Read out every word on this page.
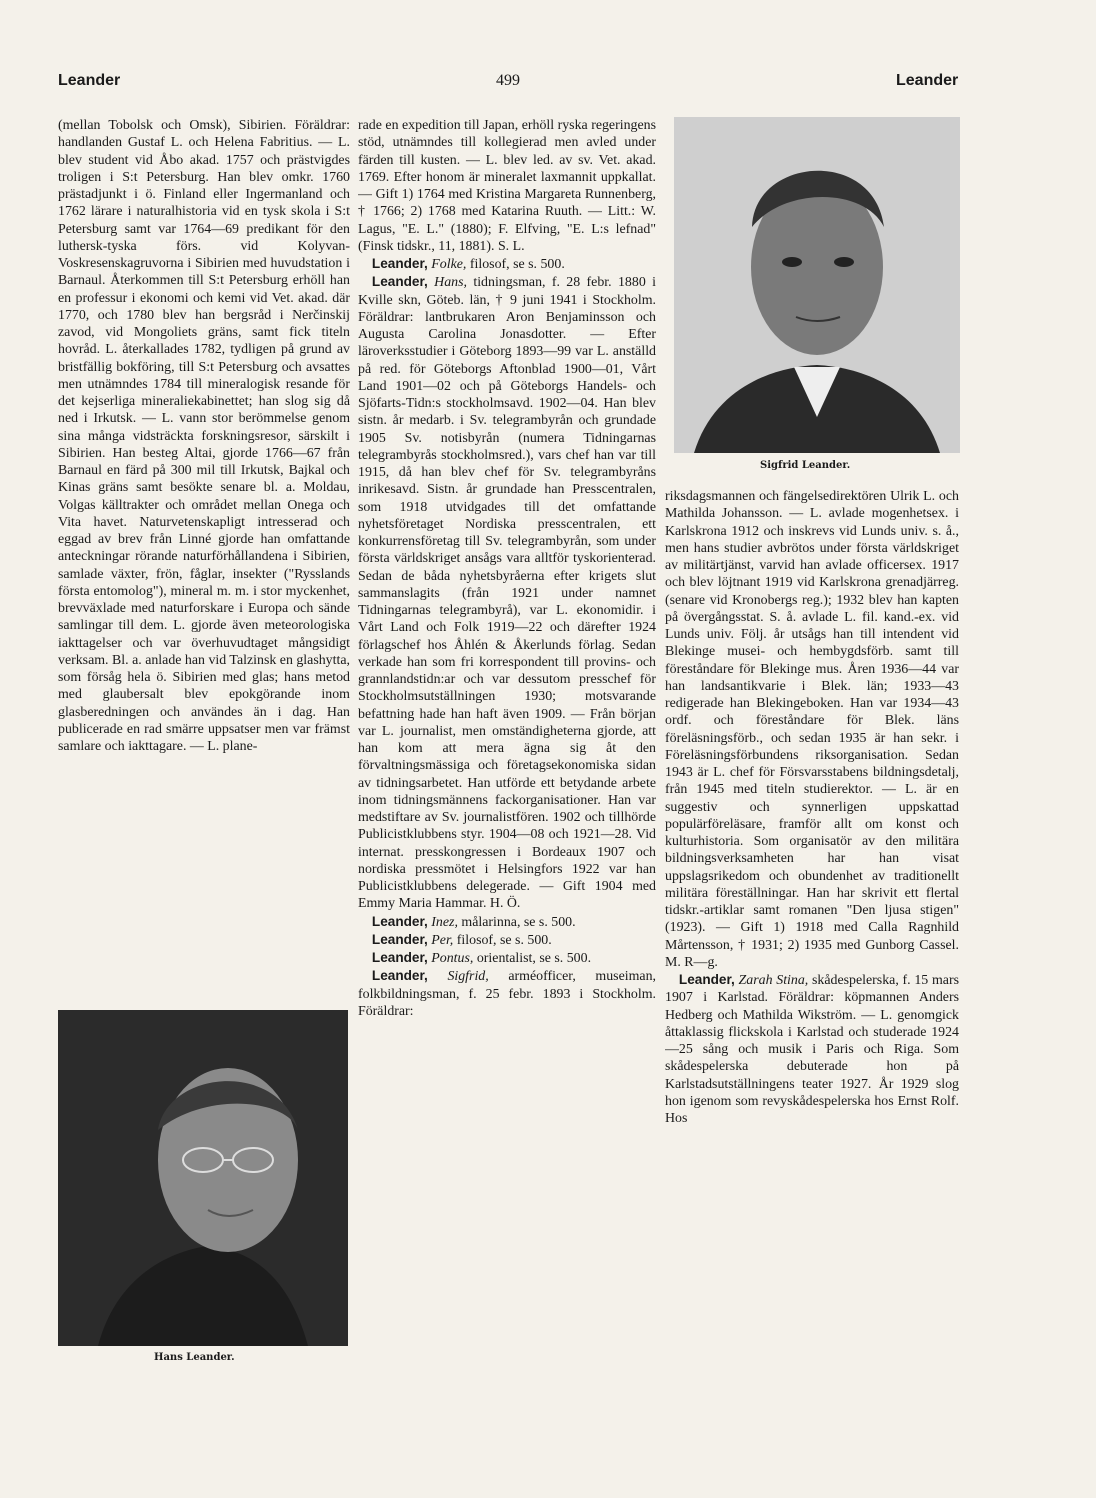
Leander	499	Leander

(mellan Tobolsk och Omsk), Sibirien. Föräldrar: handlanden Gustaf L. och Helena Fabritius. — L. blev student vid Åbo akad. 1757 och prästvigdes troligen i S:t Petersburg. Han blev omkr. 1760 prästadjunkt i ö. Finland eller Ingermanland och 1762 lärare i naturalhistoria vid en tysk skola i S:t Petersburg samt var 1764—69 predikant för den luthersk-tyska förs. vid Kolyvan-Voskresenskagruvorna i Sibirien med huvudstation i Barnaul. Återkommen till S:t Petersburg erhöll han en professur i ekonomi och kemi vid Vet. akad. där 1770, och 1780 blev han bergsråd i Nerčinskij zavod, vid Mongoliets gräns, samt fick titeln hovråd. L. återkallades 1782, tydligen på grund av bristfällig bokföring, till S:t Petersburg och avsattes men utnämndes 1784 till mineralogisk resande för det kejserliga mineraliekabinettet; han slog sig då ned i Irkutsk. — L. vann stor berömmelse genom sina många vidsträckta forskningsresor, särskilt i Sibirien. Han besteg Altai, gjorde 1766—67 från Barnaul en färd på 300 mil till Irkutsk, Bajkal och Kinas gräns samt besökte senare bl. a. Moldau, Volgas källtrakter och området mellan Onega och Vita havet. Naturvetenskapligt intresserad och eggad av brev från Linné gjorde han omfattande anteckningar rörande naturförhållandena i Sibirien, samlade växter, frön, fåglar, insekter ("Rysslands första entomolog"), mineral m. m. i stor myckenhet, brevväxlade med naturforskare i Europa och sände samlingar till dem. L. gjorde även meteorologiska iakttagelser och var överhuvudtaget mångsidigt verksam. Bl. a. anlade han vid Talzinsk en glashytta, som försåg hela ö. Sibirien med glas; hans metod med glaubersalt blev epokgörande inom glasberedningen och användes än i dag. Han publicerade en rad smärre uppsatser men var främst samlare och iakttagare. — L. plane-

Hans Leander.

rade en expedition till Japan, erhöll ryska regeringens stöd, utnämndes till kollegierad men avled under färden till kusten. — L. blev led. av sv. Vet. akad. 1769. Efter honom är mineralet laxmannit uppkallat. — Gift 1) 1764 med Kristina Margareta Runnenberg, † 1766; 2) 1768 med Katarina Ruuth. — Litt.: W. Lagus, "E. L." (1880); F. Elfving, "E. L:s lefnad" (Finsk tidskr., 11, 1881). S. L.

 Leander, Folke, filosof, se s. 500.

 Leander, Hans, tidningsman, f. 28 febr. 1880 i Kville skn, Göteb. län, † 9 juni 1941 i Stockholm. Föräldrar: lantbrukaren Aron Benjaminsson och Augusta Carolina Jonasdotter. — Efter läroverksstudier i Göteborg 1893—99 var L. anställd på red. för Göteborgs Aftonblad 1900—01, Vårt Land 1901—02 och på Göteborgs Handels- och Sjöfarts-Tidn:s stockholmsavd. 1902—04. Han blev sistn. år medarb. i Sv. telegrambyrån och grundade 1905 Sv. notisbyrån (numera Tidningarnas telegrambyrås stockholmsred.), vars chef han var till 1915, då han blev chef för Sv. telegrambyråns inrikesavd. Sistn. år grundade han Presscentralen, som 1918 utvidgades till det omfattande nyhetsföretaget Nordiska presscentralen, ett konkurrensföretag till Sv. telegrambyrån, som under första världskriget ansågs vara alltför tyskorienterad. Sedan de båda nyhetsbyråerna efter krigets slut sammanslagits (från 1921 under namnet Tidningarnas telegrambyrå), var L. ekonomidir. i Vårt Land och Folk 1919—22 och därefter 1924 förlagschef hos Åhlén & Åkerlunds förlag. Sedan verkade han som fri korrespondent till provins- och grannlandstidn:ar och var dessutom presschef för Stockholmsutställningen 1930; motsvarande befattning hade han haft även 1909. — Från början var L. journalist, men omständigheterna gjorde, att han kom att mera ägna sig åt den förvaltningsmässiga och företagsekonomiska sidan av tidningsarbetet. Han utförde ett betydande arbete inom tidningsmännens fackorganisationer. Han var medstiftare av Sv. journalistfören. 1902 och tillhörde Publicistklubbens styr. 1904—08 och 1921—28. Vid internat. presskongressen i Bordeaux 1907 och nordiska pressmötet i Helsingfors 1922 var han Publicistklubbens delegerade. — Gift 1904 med Emmy Maria Hammar. H. Ö.

 Leander, Inez, målarinna, se s. 500.

 Leander, Per, filosof, se s. 500.

 Leander, Pontus, orientalist, se s. 500.

 Leander, Sigfrid, arméofficer, museiman, folkbildningsman, f. 25 febr. 1893 i Stockholm. Föräldrar:

Sigfrid Leander.

riksdagsmannen och fängelsedirektören Ulrik L. och Mathilda Johansson. — L. avlade mogenhetsex. i Karlskrona 1912 och inskrevs vid Lunds univ. s. å., men hans studier avbrötos under första världskriget av militärtjänst, varvid han avlade officersex. 1917 och blev löjtnant 1919 vid Karlskrona grenadjärreg. (senare vid Kronobergs reg.); 1932 blev han kapten på övergångsstat. S. å. avlade L. fil. kand.-ex. vid Lunds univ. Följ. år utsågs han till intendent vid Blekinge musei- och hembygdsförb. samt till föreståndare för Blekinge mus. Åren 1936—44 var han landsantikvarie i Blek. län; 1933—43 redigerade han Blekingeboken. Han var 1934—43 ordf. och föreståndare för Blek. läns föreläsningsförb., och sedan 1935 är han sekr. i Föreläsningsförbundens riksorganisation. Sedan 1943 är L. chef för Försvarsstabens bildningsdetalj, från 1945 med titeln studierektor. — L. är en suggestiv och synnerligen uppskattad populärföreläsare, framför allt om konst och kulturhistoria. Som organisatör av den militära bildningsverksamheten har han visat uppslagsrikedom och obundenhet av traditionellt militära föreställningar. Han har skrivit ett flertal tidskr.-artiklar samt romanen "Den ljusa stigen" (1923). — Gift 1) 1918 med Calla Ragnhild Mårtensson, † 1931; 2) 1935 med Gunborg Cassel. M. R—g.

 Leander, Zarah Stina, skådespelerska, f. 15 mars 1907 i Karlstad. Föräldrar: köpmannen Anders Hedberg och Mathilda Wikström. — L. genomgick åttaklassig flickskola i Karlstad och studerade 1924—25 sång och musik i Paris och Riga. Som skådespelerska debuterade hon på Karlstadsutställningens teater 1927. År 1929 slog hon igenom som revyskådespelerska hos Ernst Rolf. Hos
